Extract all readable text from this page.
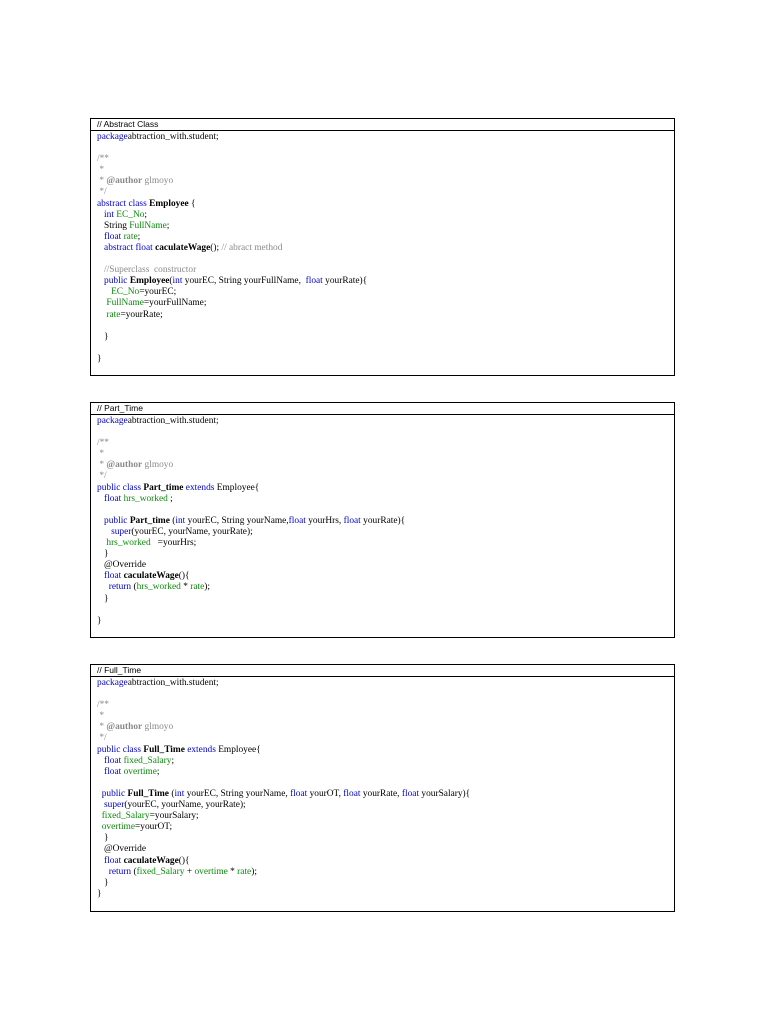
// Abstract Class
packageabtraction_with.student;
/**
*
* @author glmoyo
*/
abstract class Employee {
int EC_No;
String FullName;
float rate;
abstract float caculateWage(); // abract method
//Superclass  constructor
public Employee(int yourEC, String yourFullName,  float yourRate){
EC_No=yourEC;
FullName=yourFullName;
rate=yourRate;
}
}
// Part_Time
packageabtraction_with.student;
/**
*
* @author glmoyo
*/
public class Part_time extends Employee{
float hrs_worked ;
public Part_time (int yourEC, String yourName,float yourHrs, float yourRate){
super(yourEC, yourName, yourRate);
hrs_worked   =yourHrs;
}
@Override
float caculateWage(){
return (hrs_worked * rate);
}
}
// Full_Time
packageabtraction_with.student;
/**
*
* @author glmoyo
*/
public class Full_Time extends Employee{
float fixed_Salary;
float overtime;
public Full_Time (int yourEC, String yourName, float yourOT, float yourRate, float yourSalary){
super(yourEC, yourName, yourRate);
fixed_Salary=yourSalary;
overtime=yourOT;
}
@Override
float caculateWage(){
return (fixed_Salary + overtime * rate);
}
}
